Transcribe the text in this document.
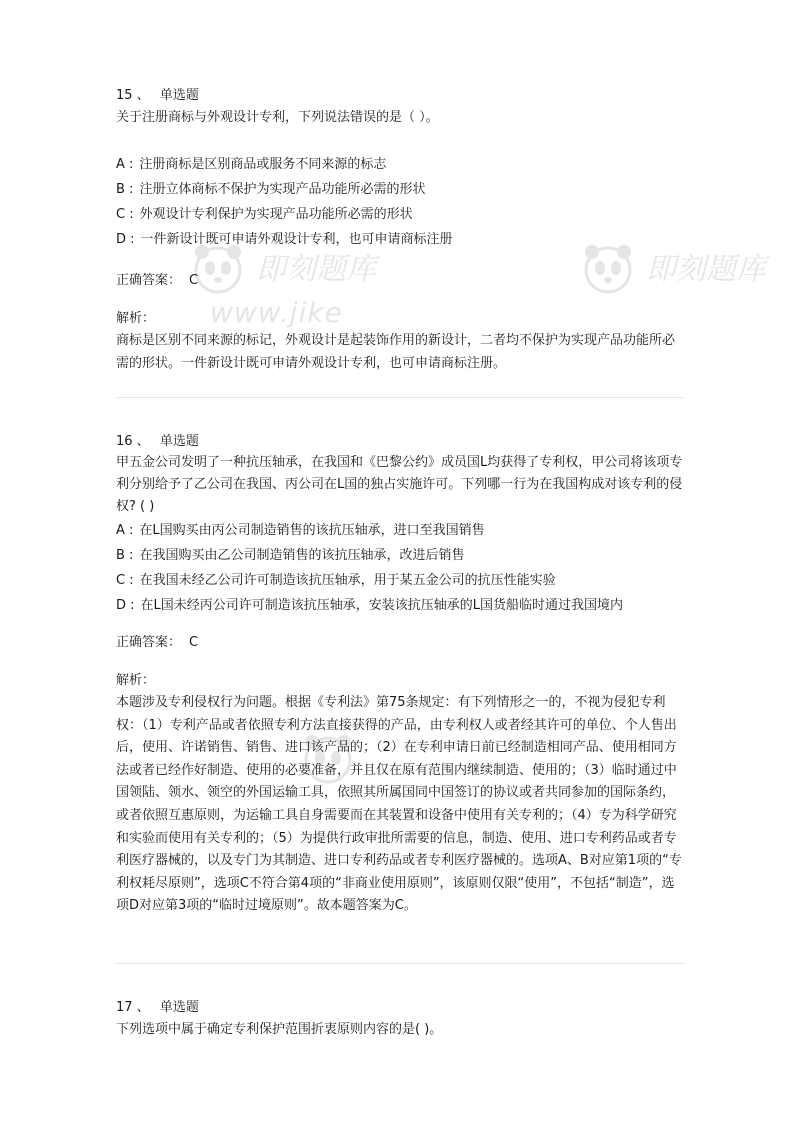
即刻题库
www.jike
即刻题库
15 、 单选题
关于注册商标与外观设计专利，下列说法错误的是（ ）。
A : 注册商标是区别商品或服务不同来源的标志
B : 注册立体商标不保护为实现产品功能所必需的形状
C : 外观设计专利保护为实现产品功能所必需的形状
D : 一件新设计既可申请外观设计专利，也可申请商标注册
正确答案： C
解析：
商标是区别不同来源的标记，外观设计是起装饰作用的新设计，二者均不保护为实现产品功能所必需的形状。一件新设计既可申请外观设计专利，也可申请商标注册。
16 、 单选题
甲五金公司发明了一种抗压轴承，在我国和《巴黎公约》成员国L均获得了专利权，甲公司将该项专利分别给予了乙公司在我国、丙公司在L国的独占实施许可。下列哪一行为在我国构成对该专利的侵权? ( )
A : 在L国购买由丙公司制造销售的该抗压轴承，进口至我国销售
B : 在我国购买由乙公司制造销售的该抗压轴承，改进后销售
C : 在我国未经乙公司许可制造该抗压轴承，用于某五金公司的抗压性能实验
D : 在L国未经丙公司许可制造该抗压轴承，安装该抗压轴承的L国货船临时通过我国境内
正确答案： C
解析：
本题涉及专利侵权行为问题。根据《专利法》第75条规定：有下列情形之一的，不视为侵犯专利权：（1）专利产品或者依照专利方法直接获得的产品，由专利权人或者经其许可的单位、个人售出后，使用、许诺销售、销售、进口该产品的；（2）在专利申请日前已经制造相同产品、使用相同方法或者已经作好制造、使用的必要准备，并且仅在原有范围内继续制造、使用的；（3）临时通过中国领陆、领水、领空的外国运输工具，依照其所属国同中国签订的协议或者共同参加的国际条约，或者依照互惠原则，为运输工具自身需要而在其装置和设备中使用有关专利的；（4）专为科学研究和实验而使用有关专利的；（5）为提供行政审批所需要的信息，制造、使用、进口专利药品或者专利医疗器械的，以及专门为其制造、进口专利药品或者专利医疗器械的。选项A、B对应第1项的“专利权耗尽原则”，选项C不符合第4项的“非商业使用原则”，该原则仅限“使用”，不包括“制造”，选项D对应第3项的“临时过境原则”。故本题答案为C。
17 、 单选题
下列选项中属于确定专利保护范围折衷原则内容的是( )。
